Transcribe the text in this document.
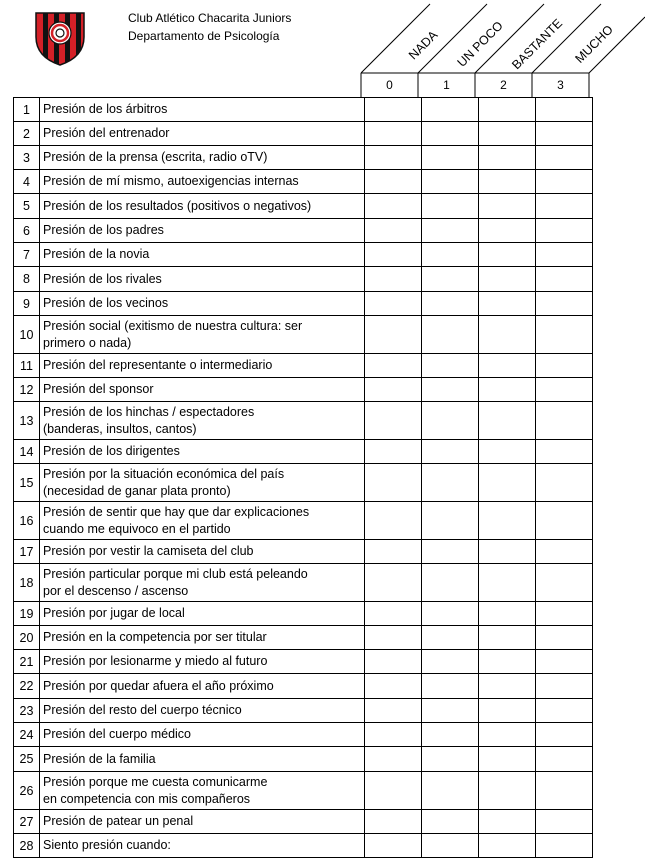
Club Atlético Chacarita Juniors
Departamento de Psicología	NADA UN POCO BASTANTE MUCHO
0	1	2	3
1	Presión de los árbitros				

2	Presión del entrenador				

3	Presión de la prensa (escrita, radio oTV)				

4	Presión de mí mismo, autoexigencias internas				

5	Presión de los resultados (positivos o negativos)				

6	Presión de los padres				

7	Presión de la novia				

8	Presión de los rivales				

9	Presión de los vecinos				

10	Presión social (exitismo de nuestra cultura: ser
primero o nada)				

11	Presión del representante o intermediario				

12	Presión del sponsor				

13	Presión de los hinchas / espectadores
(banderas, insultos, cantos)				

14	Presión de los dirigentes				

15	Presión por la situación económica del país
(necesidad de ganar plata pronto)				

16	Presión de sentir que hay que dar explicaciones
cuando me equivoco en el partido				

17	Presión por vestir la camiseta del club				

18	Presión particular porque mi club está peleando
por el descenso / ascenso				

19	Presión por jugar de local				

20	Presión en la competencia por ser titular				

21	Presión por lesionarme y miedo al futuro				

22	Presión por quedar afuera el año próximo				

23	Presión del resto del cuerpo técnico				

24	Presión del cuerpo médico				

25	Presión de la familia				

26	Presión porque me cuesta comunicarme
en competencia con mis compañeros				

27	Presión de patear un penal				

28	Siento presión cuando:				
